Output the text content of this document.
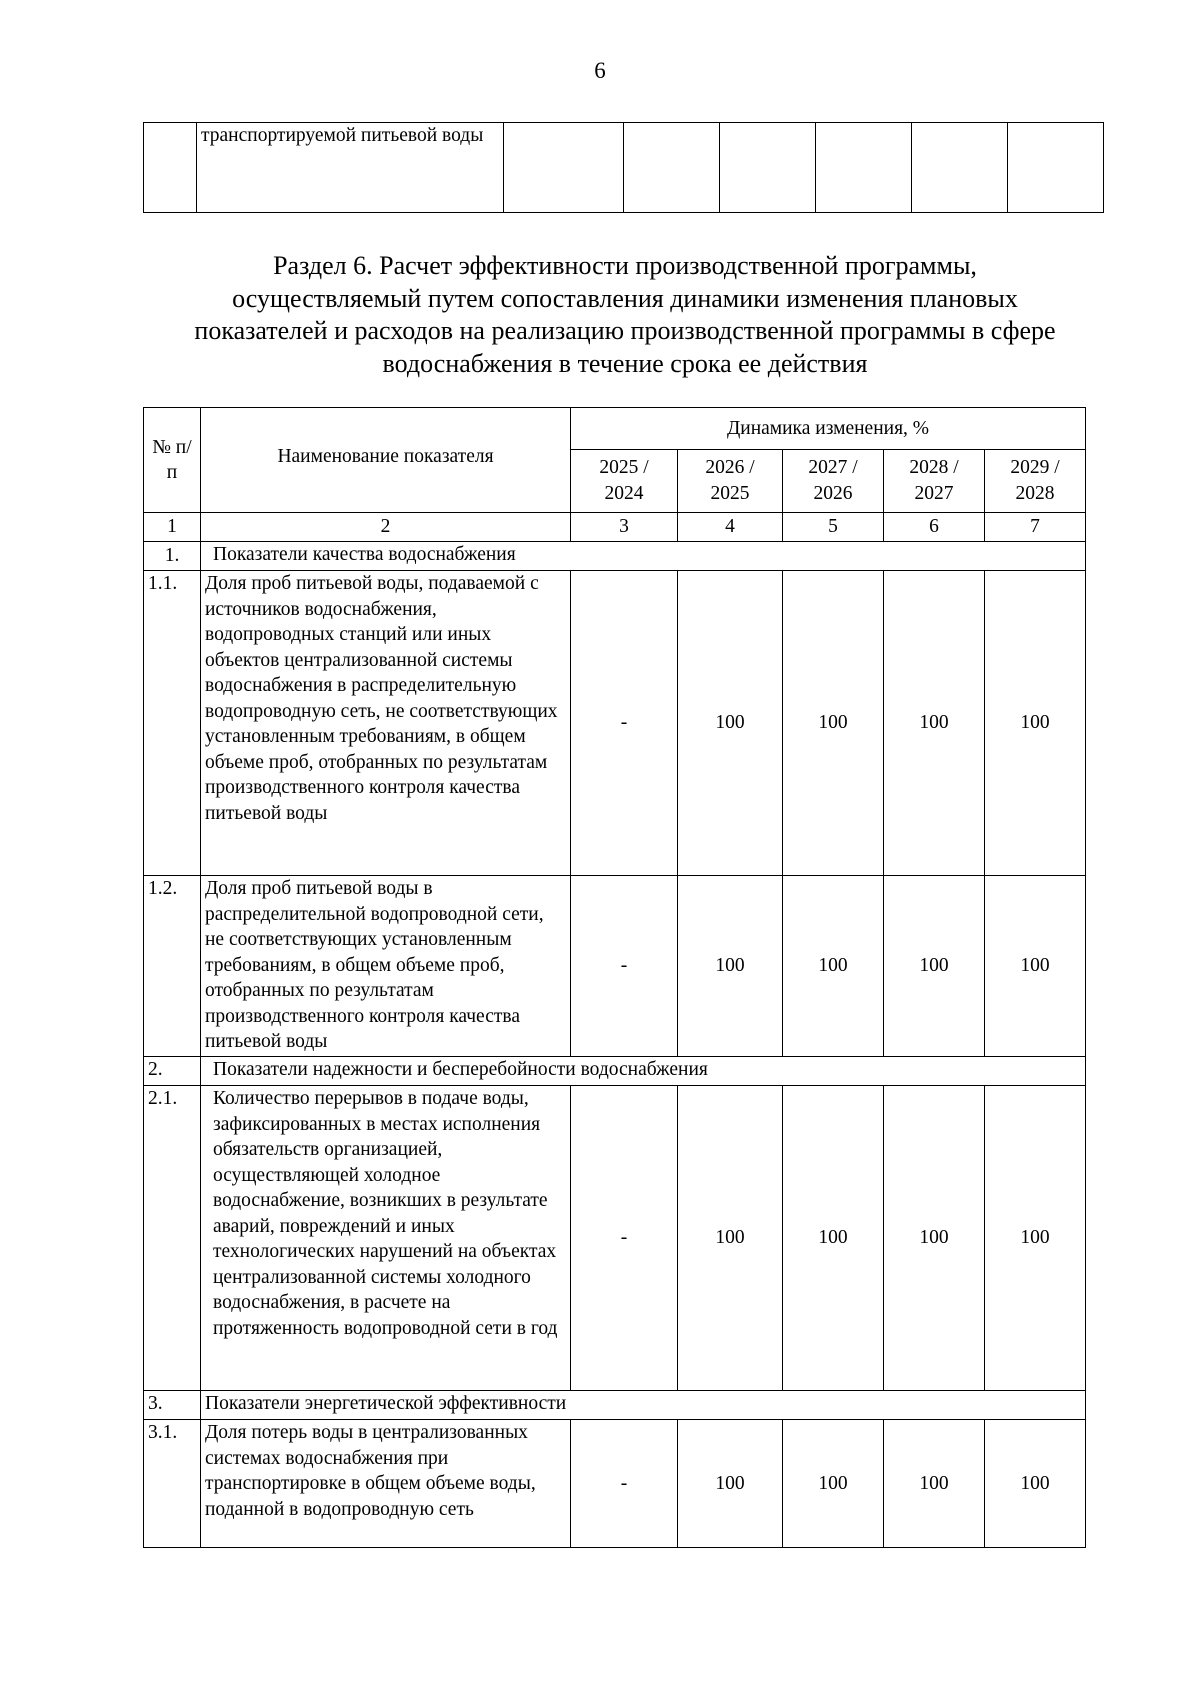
6
	транспортируемой питьевой воды						
Раздел 6. Расчет эффективности производственной программы,
осуществляемый путем сопоставления динамики изменения плановых
показателей и расходов на реализацию производственной программы в сфере
водоснабжения в течение срока ее действия
№ п/п	Наименование показателя	Динамика изменения, %				
		2025 / 2024	2026 / 2025	2027 / 2026	2028 / 2027	2029 / 2028
1	2	3	4	5	6	7
1.	Показатели качества водоснабжения					
1.1.	Доля проб питьевой воды, подаваемой с источников водоснабжения, водопроводных станций или иных объектов централизованной системы водоснабжения в распределительную водопроводную сеть, не соответствующих установленным требованиям, в общем объеме проб, отобранных по результатам производственного контроля качества питьевой воды	-	100	100	100	100
1.2.	Доля проб питьевой воды в распределительной водопроводной сети, не соответствующих установленным требованиям, в общем объеме проб, отобранных по результатам производственного контроля качества питьевой воды	-	100	100	100	100
2.	Показатели надежности и бесперебойности водоснабжения					
2.1.	Количество перерывов в подаче воды, зафиксированных в местах исполнения обязательств организацией, осуществляющей холодное водоснабжение, возникших в результате аварий, повреждений и иных технологических нарушений на объектах централизованной системы холодного водоснабжения, в расчете на протяженность водопроводной сети в год	-	100	100	100	100
3.	Показатели энергетической эффективности					
3.1.	Доля потерь воды в централизованных системах водоснабжения при транспортировке в общем объеме воды, поданной в водопроводную сеть	-	100	100	100	100
